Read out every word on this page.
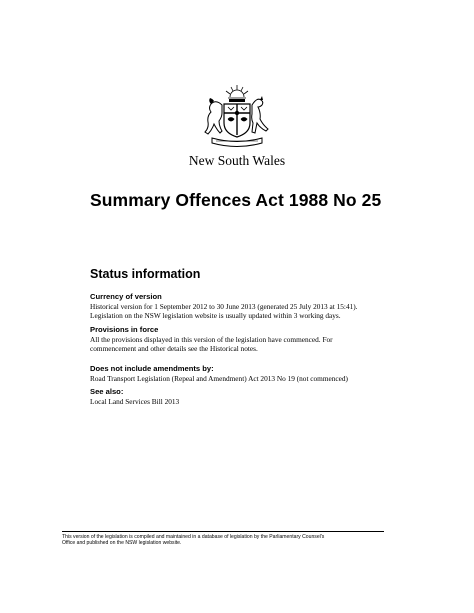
New South Wales
Summary Offences Act 1988 No 25
Status information
Currency of version
Historical version for 1 September 2012 to 30 June 2013 (generated 25 July 2013 at 15:41).
Legislation on the NSW legislation website is usually updated within 3 working days.
Provisions in force
All the provisions displayed in this version of the legislation have commenced. For
commencement and other details see the Historical notes.
Does not include amendments by:
Road Transport Legislation (Repeal and Amendment) Act 2013 No 19 (not commenced)
See also:
Local Land Services Bill 2013
This version of the legislation is compiled and maintained in a database of legislation by the Parliamentary Counsel's
Office and published on the NSW legislation website.
